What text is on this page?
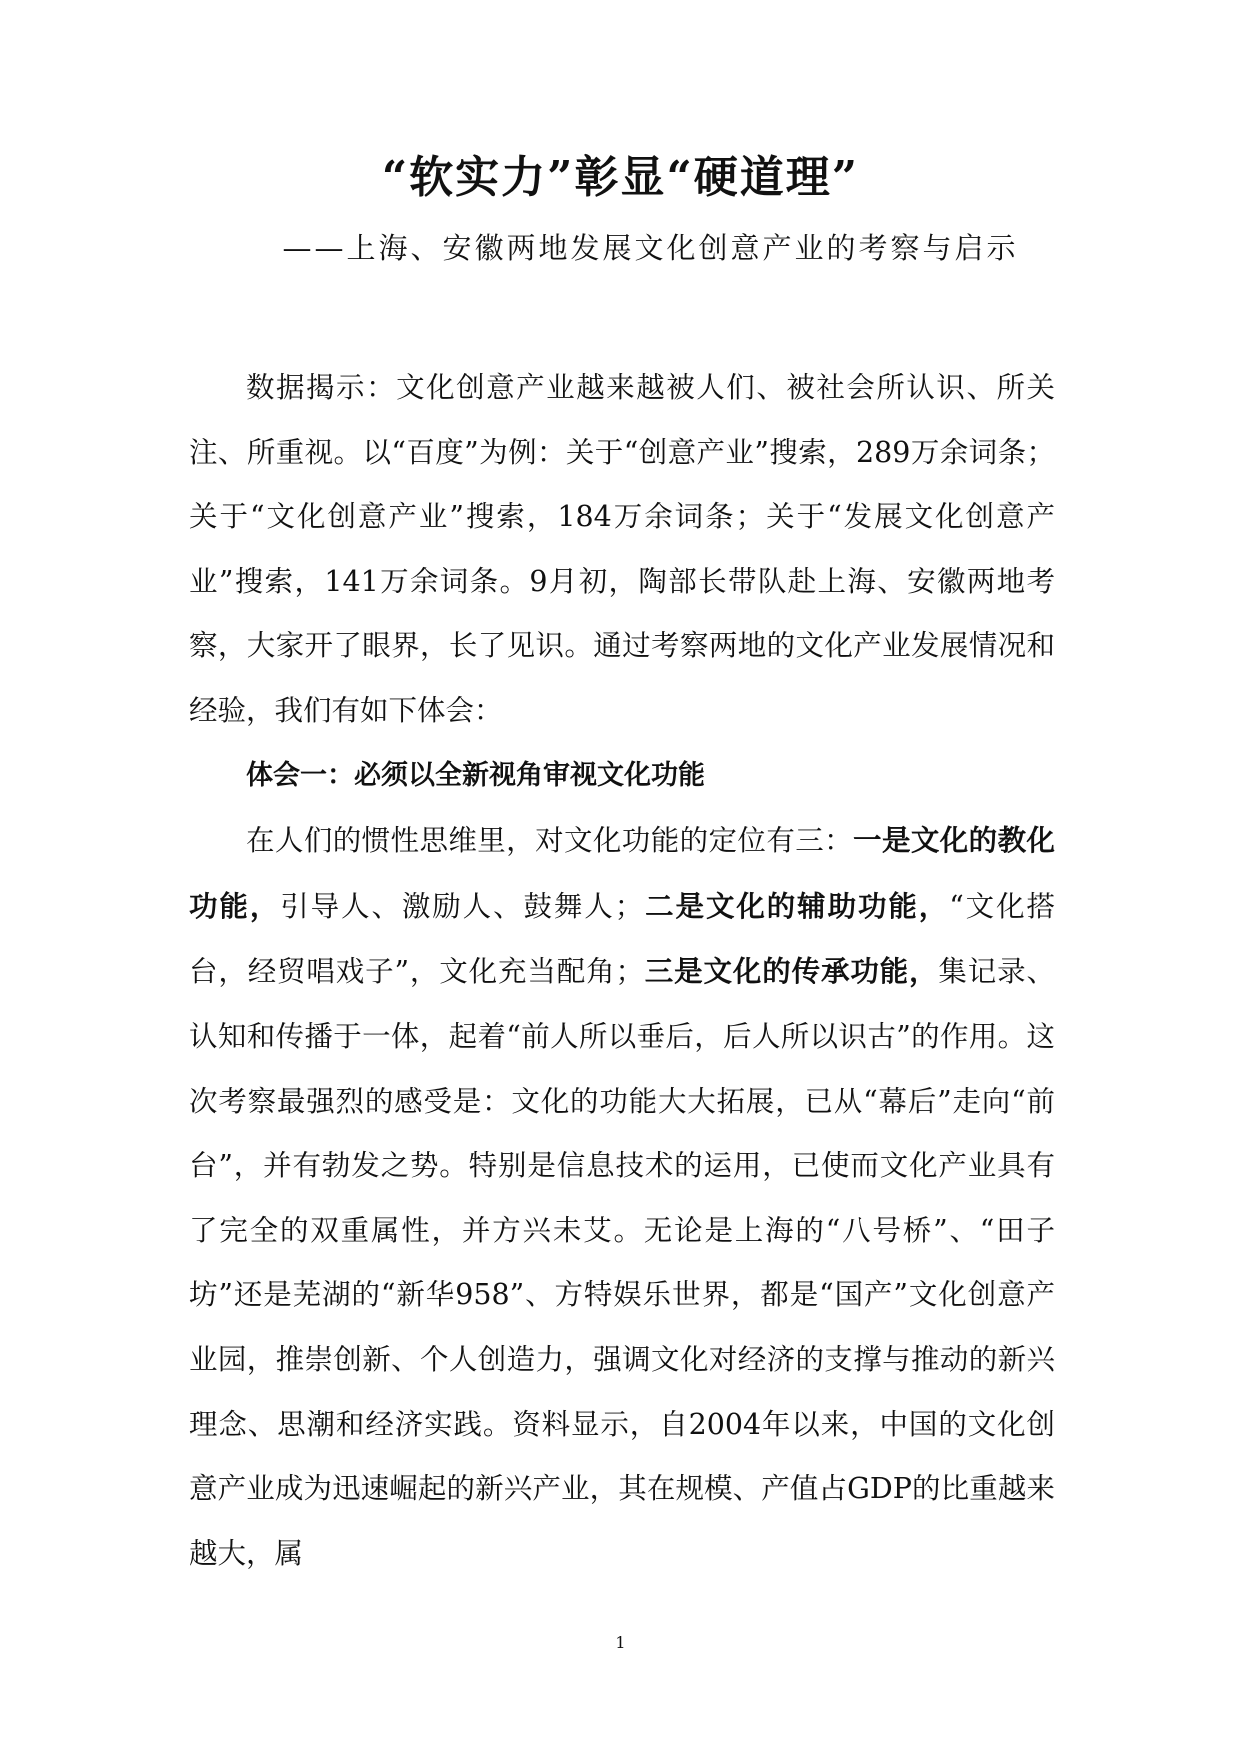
“软实力”彰显“硬道理”
——上海、安徽两地发展文化创意产业的考察与启示

数据揭示：文化创意产业越来越被人们、被社会所认识、所关注、所重视。以“百度”为例：关于“创意产业”搜索，289万余词条；关于“文化创意产业”搜索，184万余词条；关于“发展文化创意产业”搜索，141万余词条。9月初，陶部长带队赴上海、安徽两地考察，大家开了眼界，长了见识。通过考察两地的文化产业发展情况和经验，我们有如下体会：

体会一：必须以全新视角审视文化功能

在人们的惯性思维里，对文化功能的定位有三：一是文化的教化功能，引导人、激励人、鼓舞人；二是文化的辅助功能，“文化搭台，经贸唱戏子”，文化充当配角；三是文化的传承功能，集记录、认知和传播于一体，起着“前人所以垂后，后人所以识古”的作用。这次考察最强烈的感受是：文化的功能大大拓展，已从“幕后”走向“前台”，并有勃发之势。特别是信息技术的运用，已使而文化产业具有了完全的双重属性，并方兴未艾。无论是上海的“八号桥”、“田子坊”还是芜湖的“新华958”、方特娱乐世界，都是“国产”文化创意产业园，推崇创新、个人创造力，强调文化对经济的支撑与推动的新兴理念、思潮和经济实践。资料显示，自2004年以来，中国的文化创意产业成为迅速崛起的新兴产业，其在规模、产值占GDP的比重越来越大，属

1
